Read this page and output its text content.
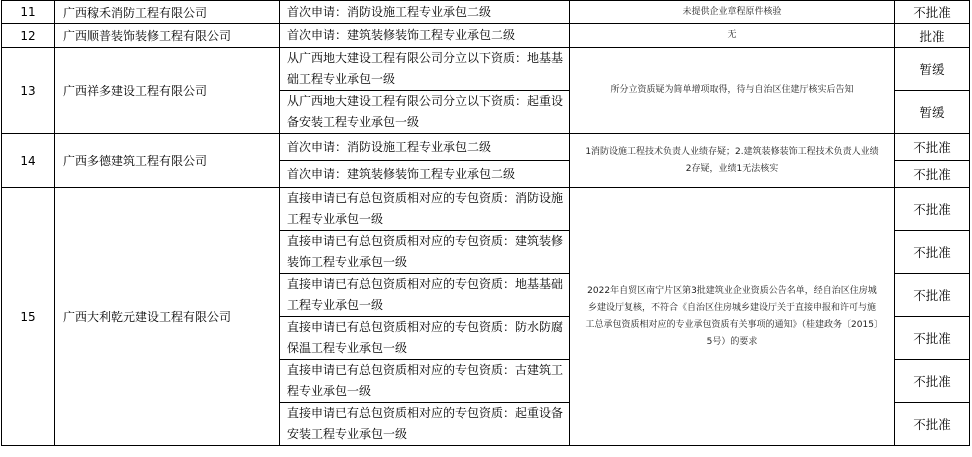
11	广西稼禾消防工程有限公司	首次申请：消防设施工程专业承包二级	未提供企业章程原件核验	不批准
12	广西顺普装饰装修工程有限公司	首次申请：建筑装修装饰工程专业承包二级	无	批准
13	广西祥多建设工程有限公司	从广西地大建设工程有限公司分立以下资质：地基基础工程专业承包一级	所分立资质疑为简单增项取得，待与自治区住建厅核实后告知	暂缓
		从广西地大建设工程有限公司分立以下资质：起重设备安装工程专业承包一级		暂缓
14	广西多德建筑工程有限公司	首次申请：消防设施工程专业承包二级	1消防设施工程技术负责人业绩存疑；2.建筑装修装饰工程技术负责人业绩2存疑，业绩1无法核实	不批准
		首次申请：建筑装修装饰工程专业承包二级		不批准
15	广西大利乾元建设工程有限公司	直接申请已有总包资质相对应的专包资质：消防设施工程专业承包一级	2022年自贸区南宁片区第3批建筑业企业资质公告名单，经自治区住房城乡建设厅复核，不符合《自治区住房城乡建设厅关于直接申报和许可与施工总承包资质相对应的专业承包资质有关事项的通知》（桂建政务〔2015〕5号）的要求	不批准
		直接申请已有总包资质相对应的专包资质：建筑装修装饰工程专业承包一级		不批准
		直接申请已有总包资质相对应的专包资质：地基基础工程专业承包一级		不批准
		直接申请已有总包资质相对应的专包资质：防水防腐保温工程专业承包一级		不批准
		直接申请已有总包资质相对应的专包资质：古建筑工程专业承包一级		不批准
		直接申请已有总包资质相对应的专包资质：起重设备安装工程专业承包一级		不批准
